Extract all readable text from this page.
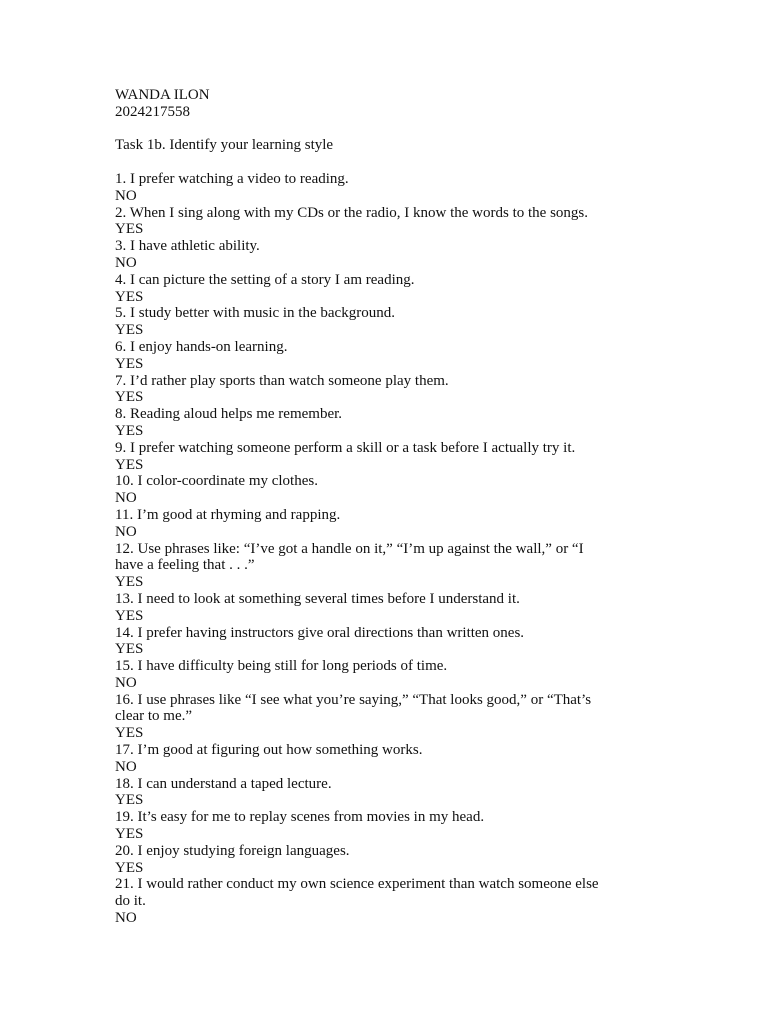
WANDA ILON

2024217558

Task 1b. Identify your learning style

1. I prefer watching a video to reading.
NO
2. When I sing along with my CDs or the radio, I know the words to the songs.
YES
3. I have athletic ability.
NO
4. I can picture the setting of a story I am reading.
YES
5. I study better with music in the background.
YES
6. I enjoy hands-on learning.
YES
7. I’d rather play sports than watch someone play them.
YES
8. Reading aloud helps me remember.
YES
9. I prefer watching someone perform a skill or a task before I actually try it.
YES
10. I color-coordinate my clothes.
NO
11. I’m good at rhyming and rapping.
NO
12. Use phrases like: “I’ve got a handle on it,” “I’m up against the wall,” or “I have a feeling that . . .”
YES
13. I need to look at something several times before I understand it.
YES
14. I prefer having instructors give oral directions than written ones.
YES
15. I have difficulty being still for long periods of time.
NO
16. I use phrases like “I see what you’re saying,” “That looks good,” or “That’s clear to me.”
YES
17. I’m good at figuring out how something works.
NO
18. I can understand a taped lecture.
YES
19. It’s easy for me to replay scenes from movies in my head.
YES
20. I enjoy studying foreign languages.
YES
21. I would rather conduct my own science experiment than watch someone else do it.
NO
